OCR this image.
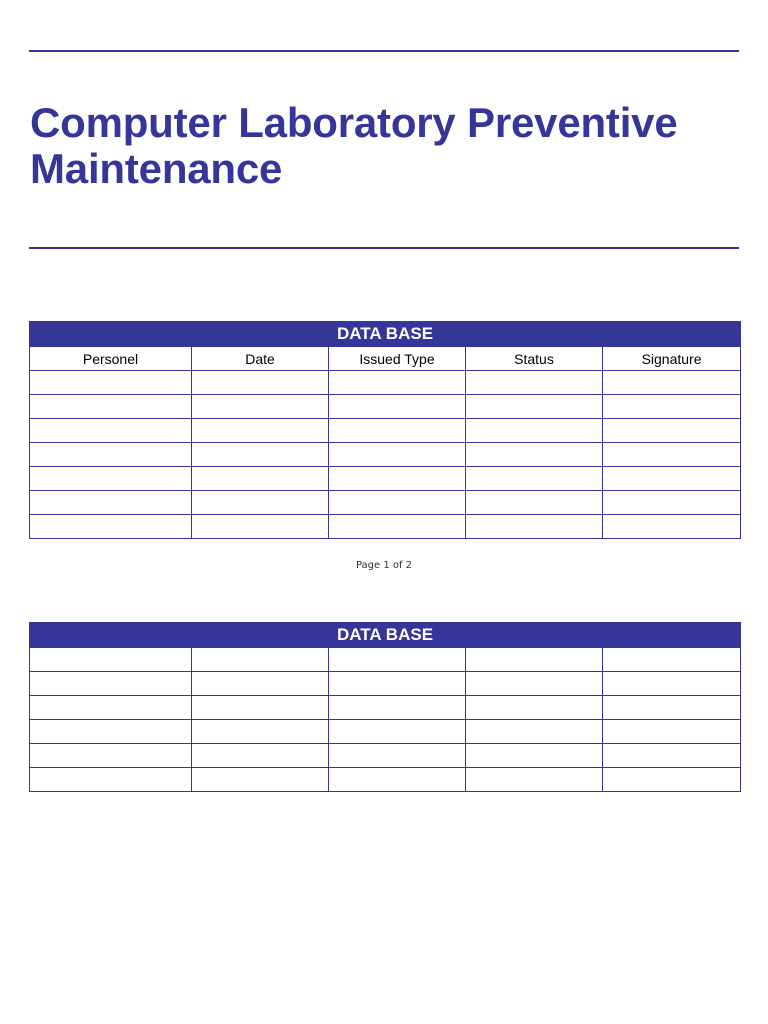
Computer Laboratory Preventive Maintenance
DATA BASE				
Personel	Date	Issued Type	Status	Signature

Page 1 of 2
DATA BASE				
